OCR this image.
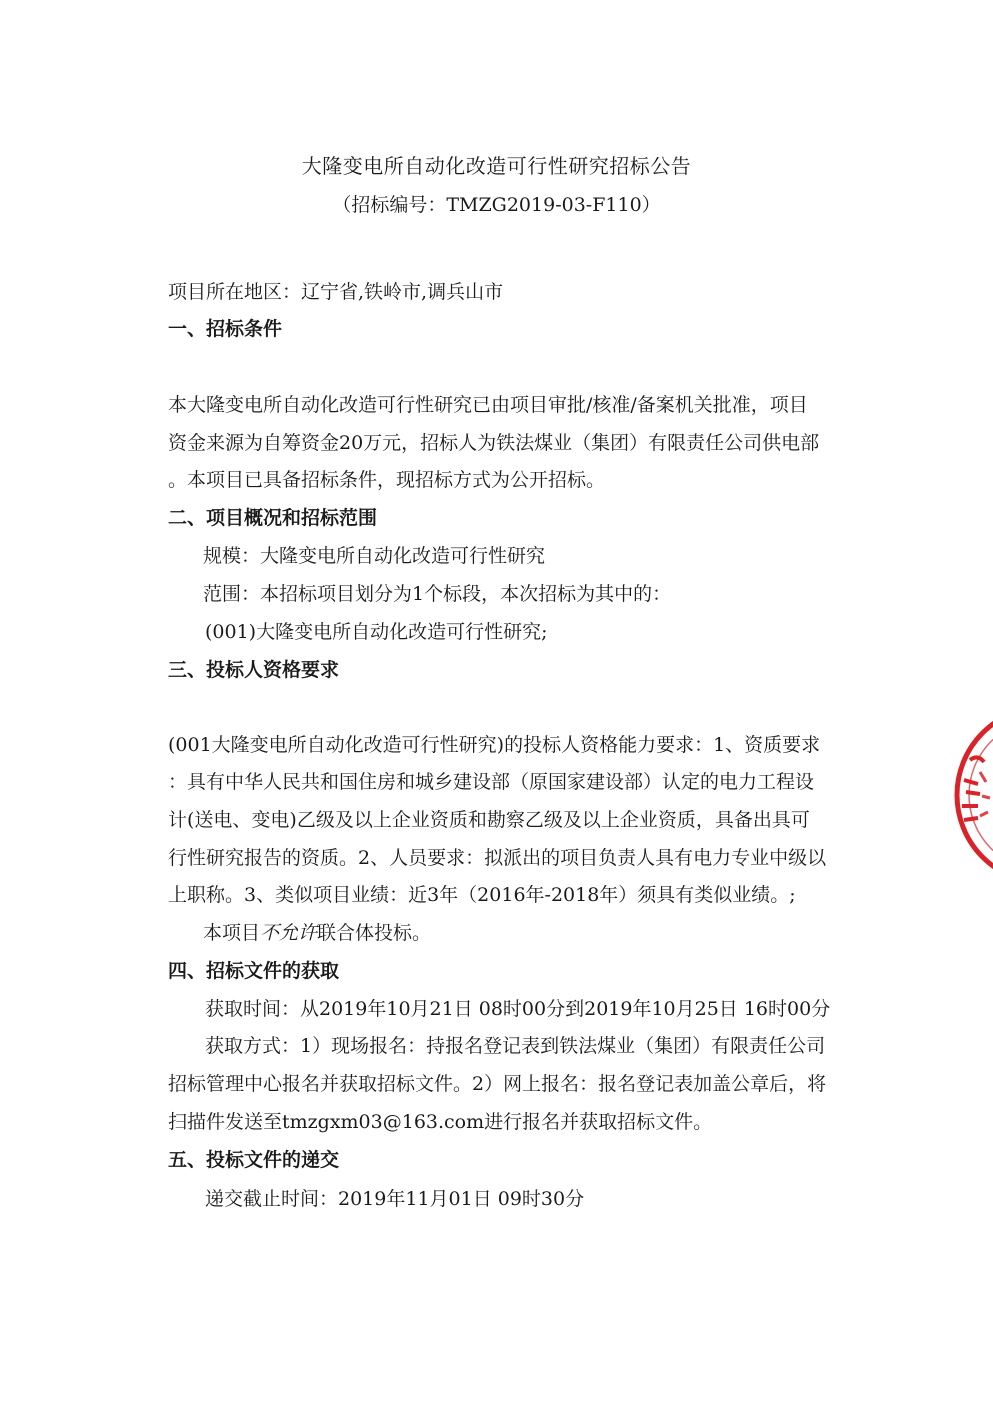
大隆变电所自动化改造可行性研究招标公告
（招标编号：TMZG2019-03-F110）
项目所在地区：辽宁省,铁岭市,调兵山市
一、招标条件
本大隆变电所自动化改造可行性研究已由项目审批/核准/备案机关批准，项目
资金来源为自筹资金20万元，招标人为铁法煤业（集团）有限责任公司供电部
。本项目已具备招标条件，现招标方式为公开招标。
二、项目概况和招标范围
规模：大隆变电所自动化改造可行性研究
范围：本招标项目划分为1个标段，本次招标为其中的：
(001)大隆变电所自动化改造可行性研究;
三、投标人资格要求
(001大隆变电所自动化改造可行性研究)的投标人资格能力要求：1、资质要求
：具有中华人民共和国住房和城乡建设部（原国家建设部）认定的电力工程设
计(送电、变电)乙级及以上企业资质和勘察乙级及以上企业资质，具备出具可
行性研究报告的资质。2、人员要求：拟派出的项目负责人具有电力专业中级以
上职称。3、类似项目业绩：近3年（2016年-2018年）须具有类似业绩。;
本项目不允许联合体投标。
四、招标文件的获取
获取时间：从2019年10月21日 08时00分到2019年10月25日 16时00分
获取方式：1）现场报名：持报名登记表到铁法煤业（集团）有限责任公司
招标管理中心报名并获取招标文件。2）网上报名：报名登记表加盖公章后，将
扫描件发送至tmzgxm03@163.com进行报名并获取招标文件。
五、投标文件的递交
递交截止时间：2019年11月01日 09时30分
